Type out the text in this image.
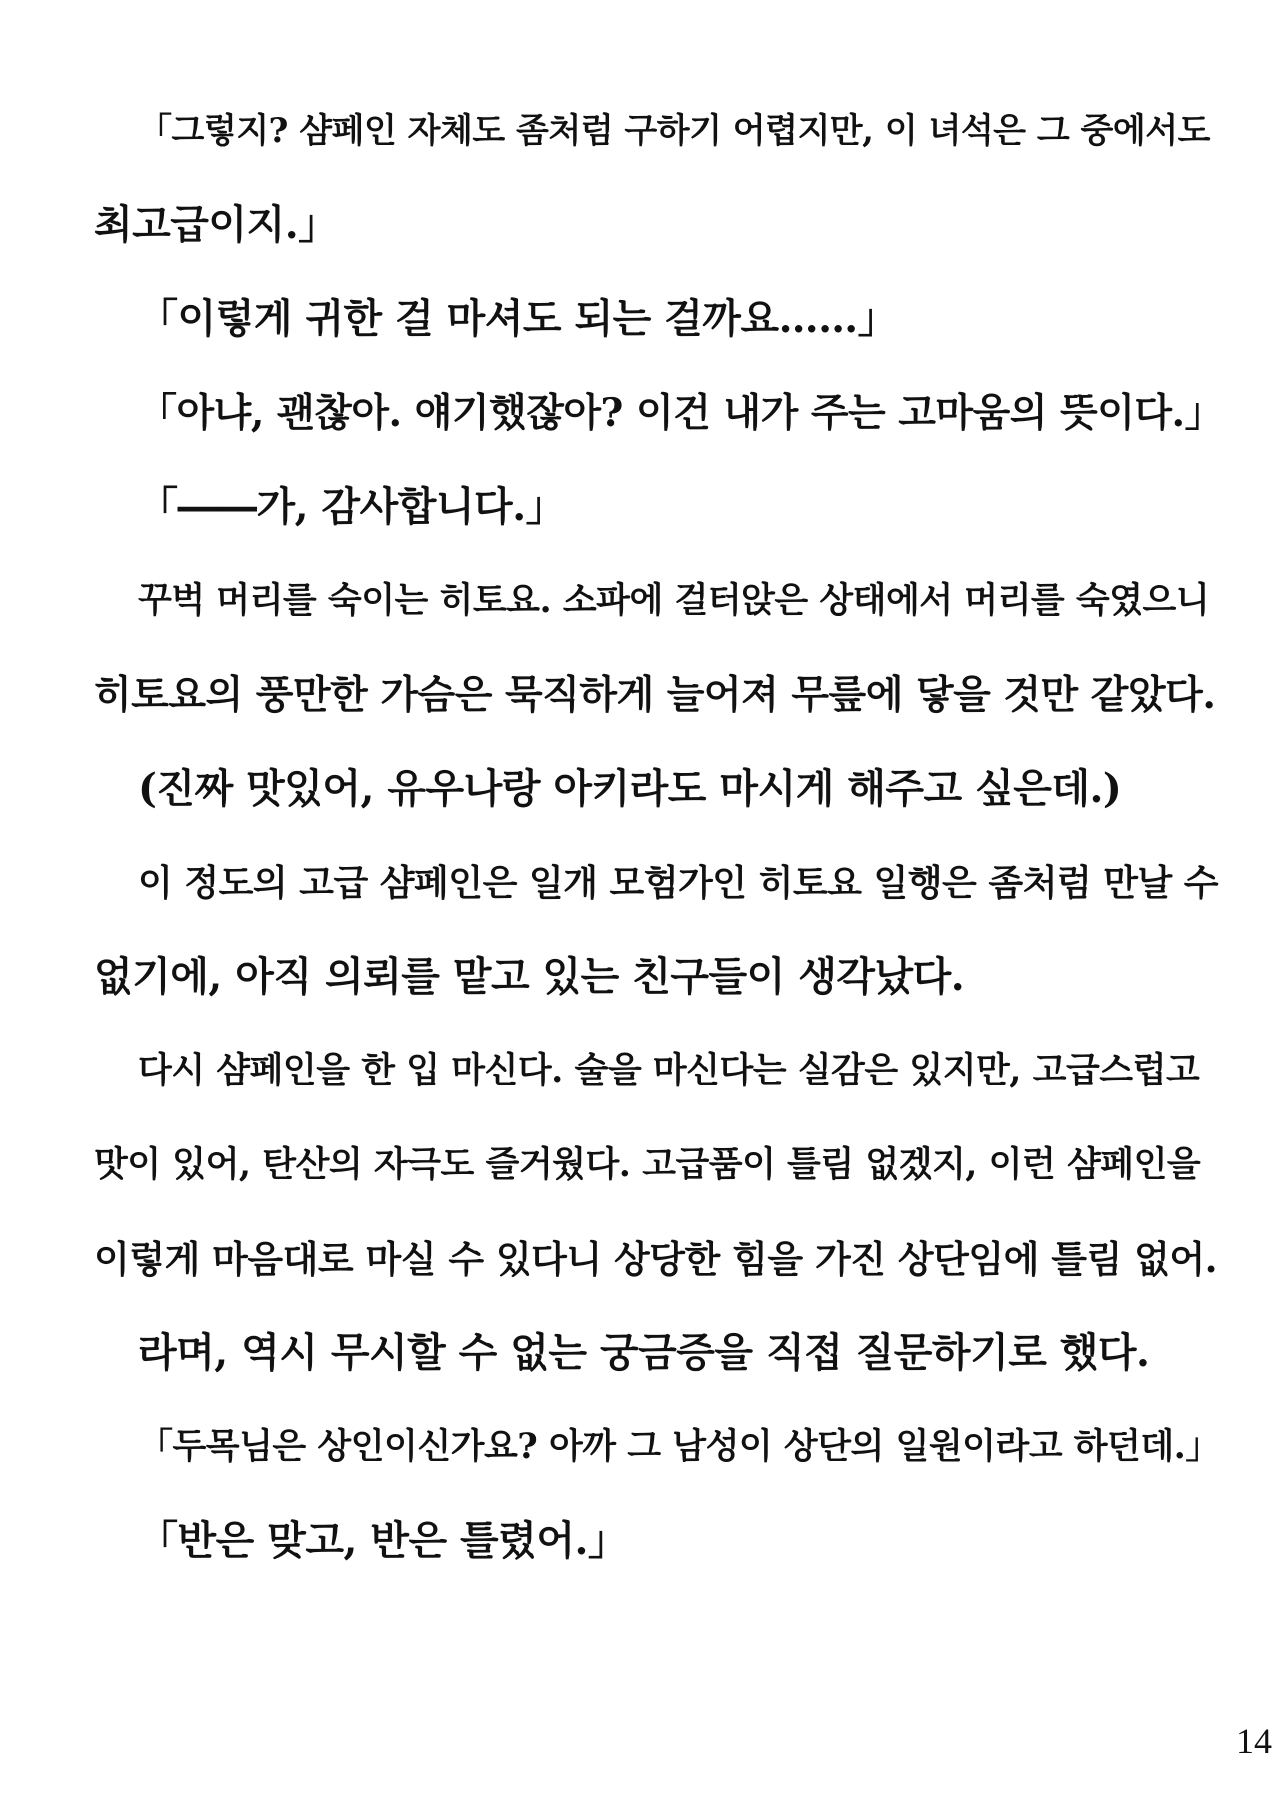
「그렇지? 샴페인 자체도 좀처럼 구하기 어렵지만, 이 녀석은 그 중에서도
최고급이지.」
「이렇게 귀한 걸 마셔도 되는 걸까요……」
「아냐, 괜찮아. 얘기했잖아? 이건 내가 주는 고마움의 뜻이다.」
「――가, 감사합니다.」
꾸벅 머리를 숙이는 히토요. 소파에 걸터앉은 상태에서 머리를 숙였으니
히토요의 풍만한 가슴은 묵직하게 늘어져 무릎에 닿을 것만 같았다.
(진짜 맛있어, 유우나랑 아키라도 마시게 해주고 싶은데.)
이 정도의 고급 샴페인은 일개 모험가인 히토요 일행은 좀처럼 만날 수
없기에, 아직 의뢰를 맡고 있는 친구들이 생각났다.
다시 샴페인을 한 입 마신다. 술을 마신다는 실감은 있지만, 고급스럽고
맛이 있어, 탄산의 자극도 즐거웠다. 고급품이 틀림 없겠지, 이런 샴페인을
이렇게 마음대로 마실 수 있다니 상당한 힘을 가진 상단임에 틀림 없어.
라며, 역시 무시할 수 없는 궁금증을 직접 질문하기로 했다.
「두목님은 상인이신가요? 아까 그 남성이 상단의 일원이라고 하던데.」
「반은 맞고, 반은 틀렸어.」
14
